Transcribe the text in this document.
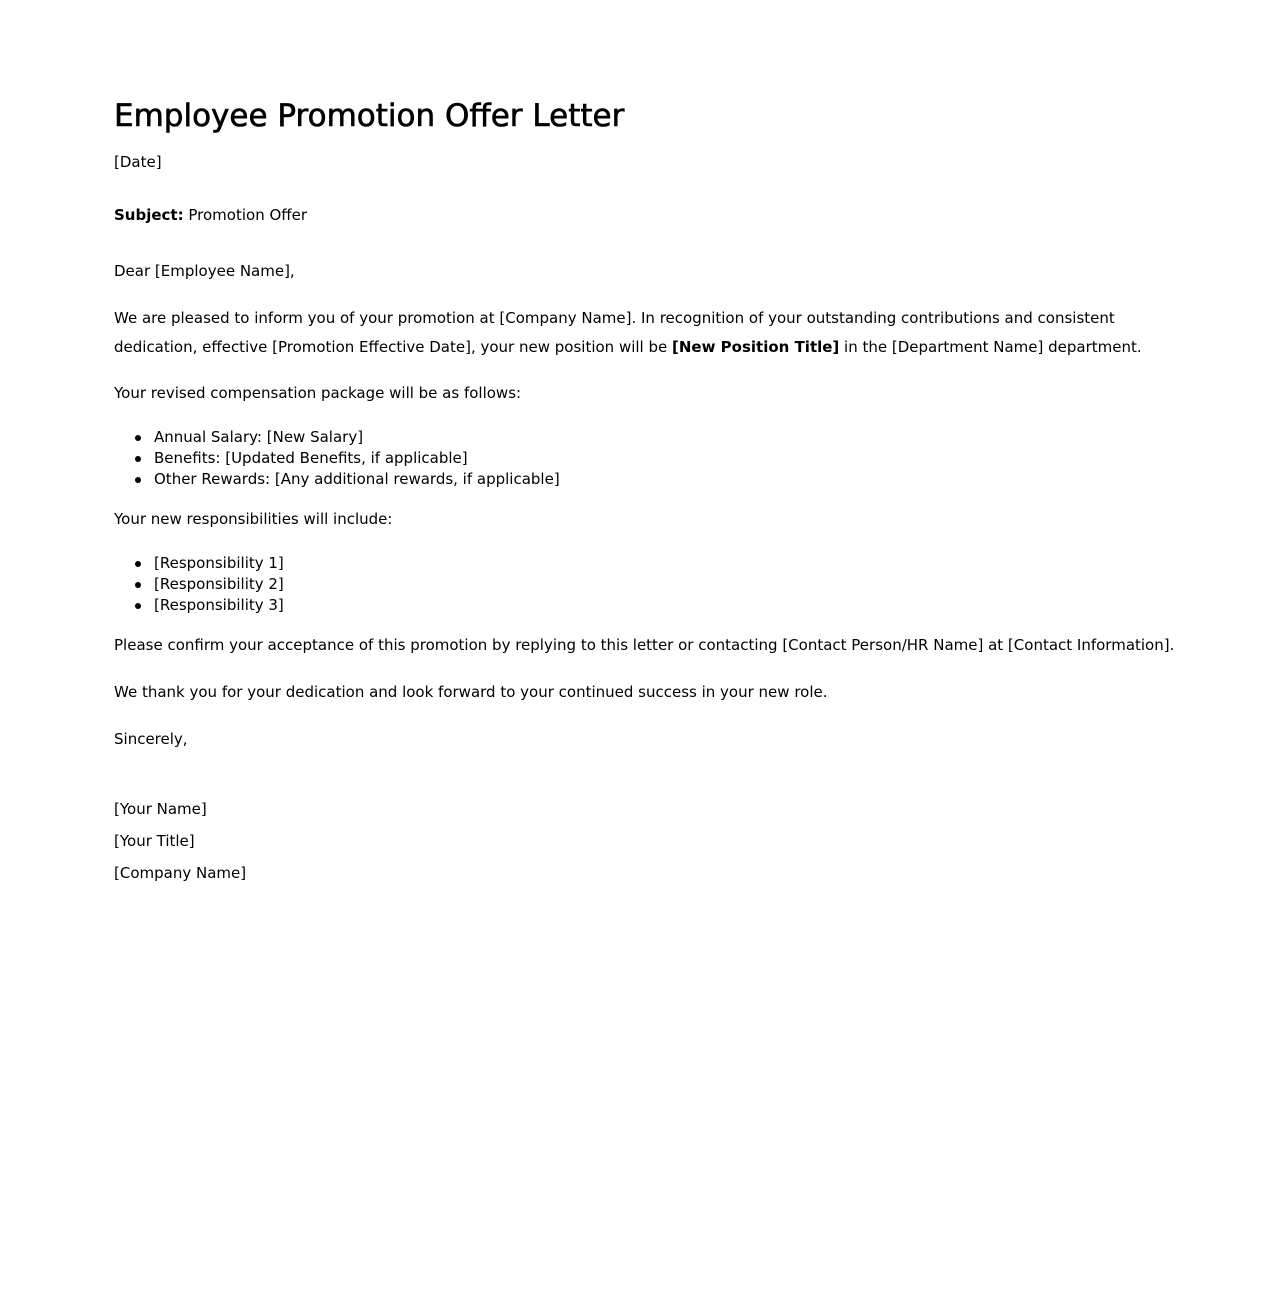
Employee Promotion Offer Letter
[Date]
Subject: Promotion Offer
Dear [Employee Name],
We are pleased to inform you of your promotion at [Company Name]. In recognition of your outstanding contributions and consistent dedication, effective [Promotion Effective Date], your new position will be [New Position Title] in the [Department Name] department.
Your revised compensation package will be as follows:
Annual Salary: [New Salary]
Benefits: [Updated Benefits, if applicable]
Other Rewards: [Any additional rewards, if applicable]
Your new responsibilities will include:
[Responsibility 1]
[Responsibility 2]
[Responsibility 3]
Please confirm your acceptance of this promotion by replying to this letter or contacting [Contact Person/HR Name] at [Contact Information].
We thank you for your dedication and look forward to your continued success in your new role.
Sincerely,
[Your Name]
[Your Title]
[Company Name]
